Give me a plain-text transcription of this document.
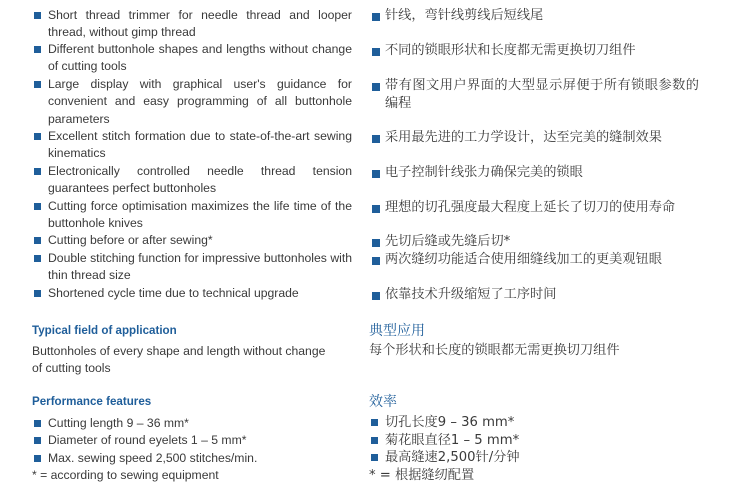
Short thread trimmer for needle thread and looper thread, without gimp thread
Different buttonhole shapes and lengths without change of cutting tools
Large display with graphical user's guidance for convenient and easy programming of all buttonhole parameters
Excellent stitch formation due to state-of-the-art sewing kinematics
Electronically controlled needle thread tension guarantees perfect buttonholes
Cutting force optimisation maximizes the life time of the buttonhole knives
Cutting before or after sewing*
Double stitching function for impressive buttonholes with thin thread size
Shortened cycle time due to technical upgrade
针线，弯针线剪线后短线尾
不同的锁眼形状和长度都无需更换切刀组件
带有图文用户界面的大型显示屏便于所有锁眼参数的编程
采用最先进的工力学设计，达至完美的缝制效果
电子控制针线张力确保完美的锁眼
理想的切孔强度最大程度上延长了切刀的使用寿命
先切后缝或先缝后切*
两次缝纫功能适合使用细缝线加工的更美观钮眼
依靠技术升级缩短了工序时间

Typical field of application

Buttonholes of every shape and length without change of cutting tools

Performance features

Cutting length 9 – 36 mm*
Diameter of round eyelets 1 – 5 mm*
Max. sewing speed 2,500 stitches/min.

* = according to sewing equipment

典型应用

每个形状和长度的锁眼都无需更换切刀组件

效率

切孔长度9 – 36 mm*
菊花眼直径1 – 5 mm*
最高缝速2,500针/分钟

* = 根据缝纫配置
